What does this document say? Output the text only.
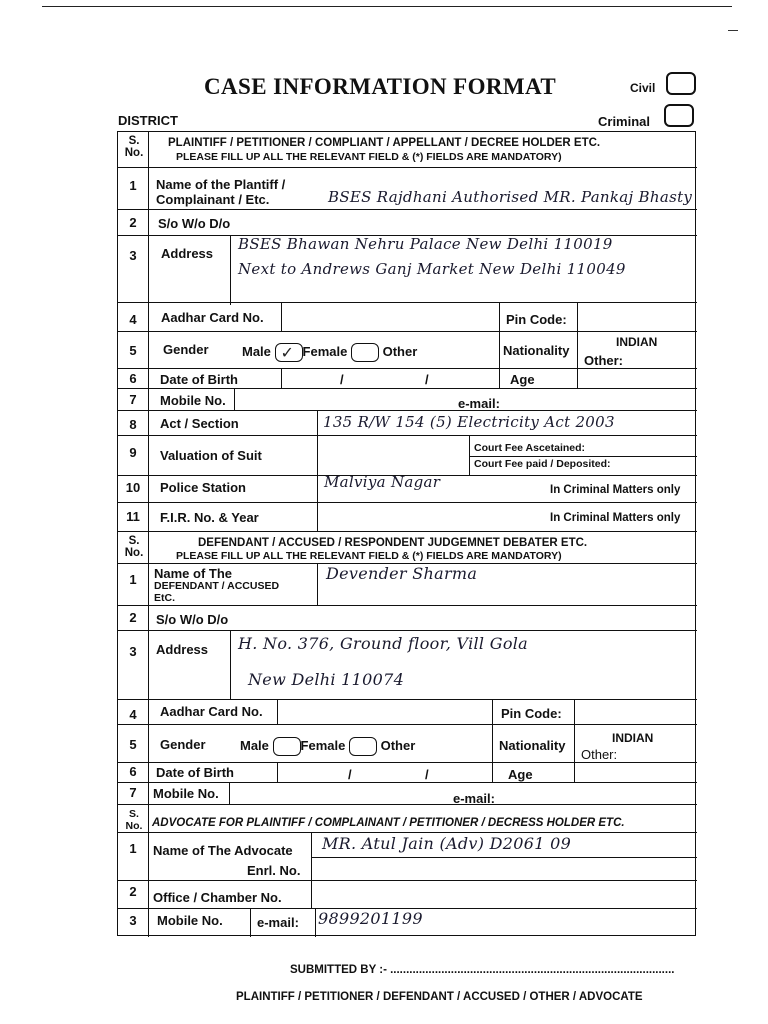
CASE INFORMATION FORMAT	Civil
DISTRICT	Criminal
S.
No.
PLAINTIFF / PETITIONER / COMPLIANT / APPELLANT / DECREE HOLDER ETC.
PLEASE FILL UP ALL THE RELEVANT FIELD & (*) FIELDS ARE MANDATORY)
1	Name of the Plantiff /
Complainant / Etc.	BSES Rajdhani Authorised MR. Pankaj Bhasty
2	S/o W/o D/o
3	Address
BSES Bhawan Nehru Palace New Delhi 110019
Next to Andrews Ganj Market New Delhi 110049
4	Aadhar Card No.	Pin Code:
5	Gender	Male ✓ Female	Other	Nationality
INDIAN
Other:
6	Date of Birth	/	/	Age
7	Mobile No.	e-mail:
8	Act / Section	135 R/W 154 (5) Electricity Act 2003
9	Valuation of Suit	Court Fee Ascetained:
Court Fee paid / Deposited:
10	Police Station	Malviya Nagar	In Criminal Matters only
11	F.I.R. No. & Year	In Criminal Matters only
S.
No.
DEFENDANT / ACCUSED / RESPONDENT JUDGEMNET DEBATER ETC.
PLEASE FILL UP ALL THE RELEVANT FIELD & (*) FIELDS ARE MANDATORY)
1	Name of The
DEFENDANT / ACCUSED
EtC.
Devender Sharma
2	S/o W/o D/o
3	Address H. No. 376, Ground floor, Vill Gola
New Delhi 110074
4	Aadhar Card No.	Pin Code:
5	Gender	Male Female	Other	Nationality	INDIAN
Other:
6	Date of Birth	/	/	Age
7	Mobile No.	e-mail:
S.
No. ADVOCATE FOR PLAINTIFF / COMPLAINANT / PETITIONER / DECRESS HOLDER ETC.
1	Name of The Advocate
Enrl. No.
MR. Atul Jain (Adv) D2061 09
2	Office / Chamber No.
3	Mobile No.	e-mail: 9899201199
SUBMITTED BY :- .........................................................................................
PLAINTIFF / PETITIONER / DEFENDANT / ACCUSED / OTHER / ADVOCATE
